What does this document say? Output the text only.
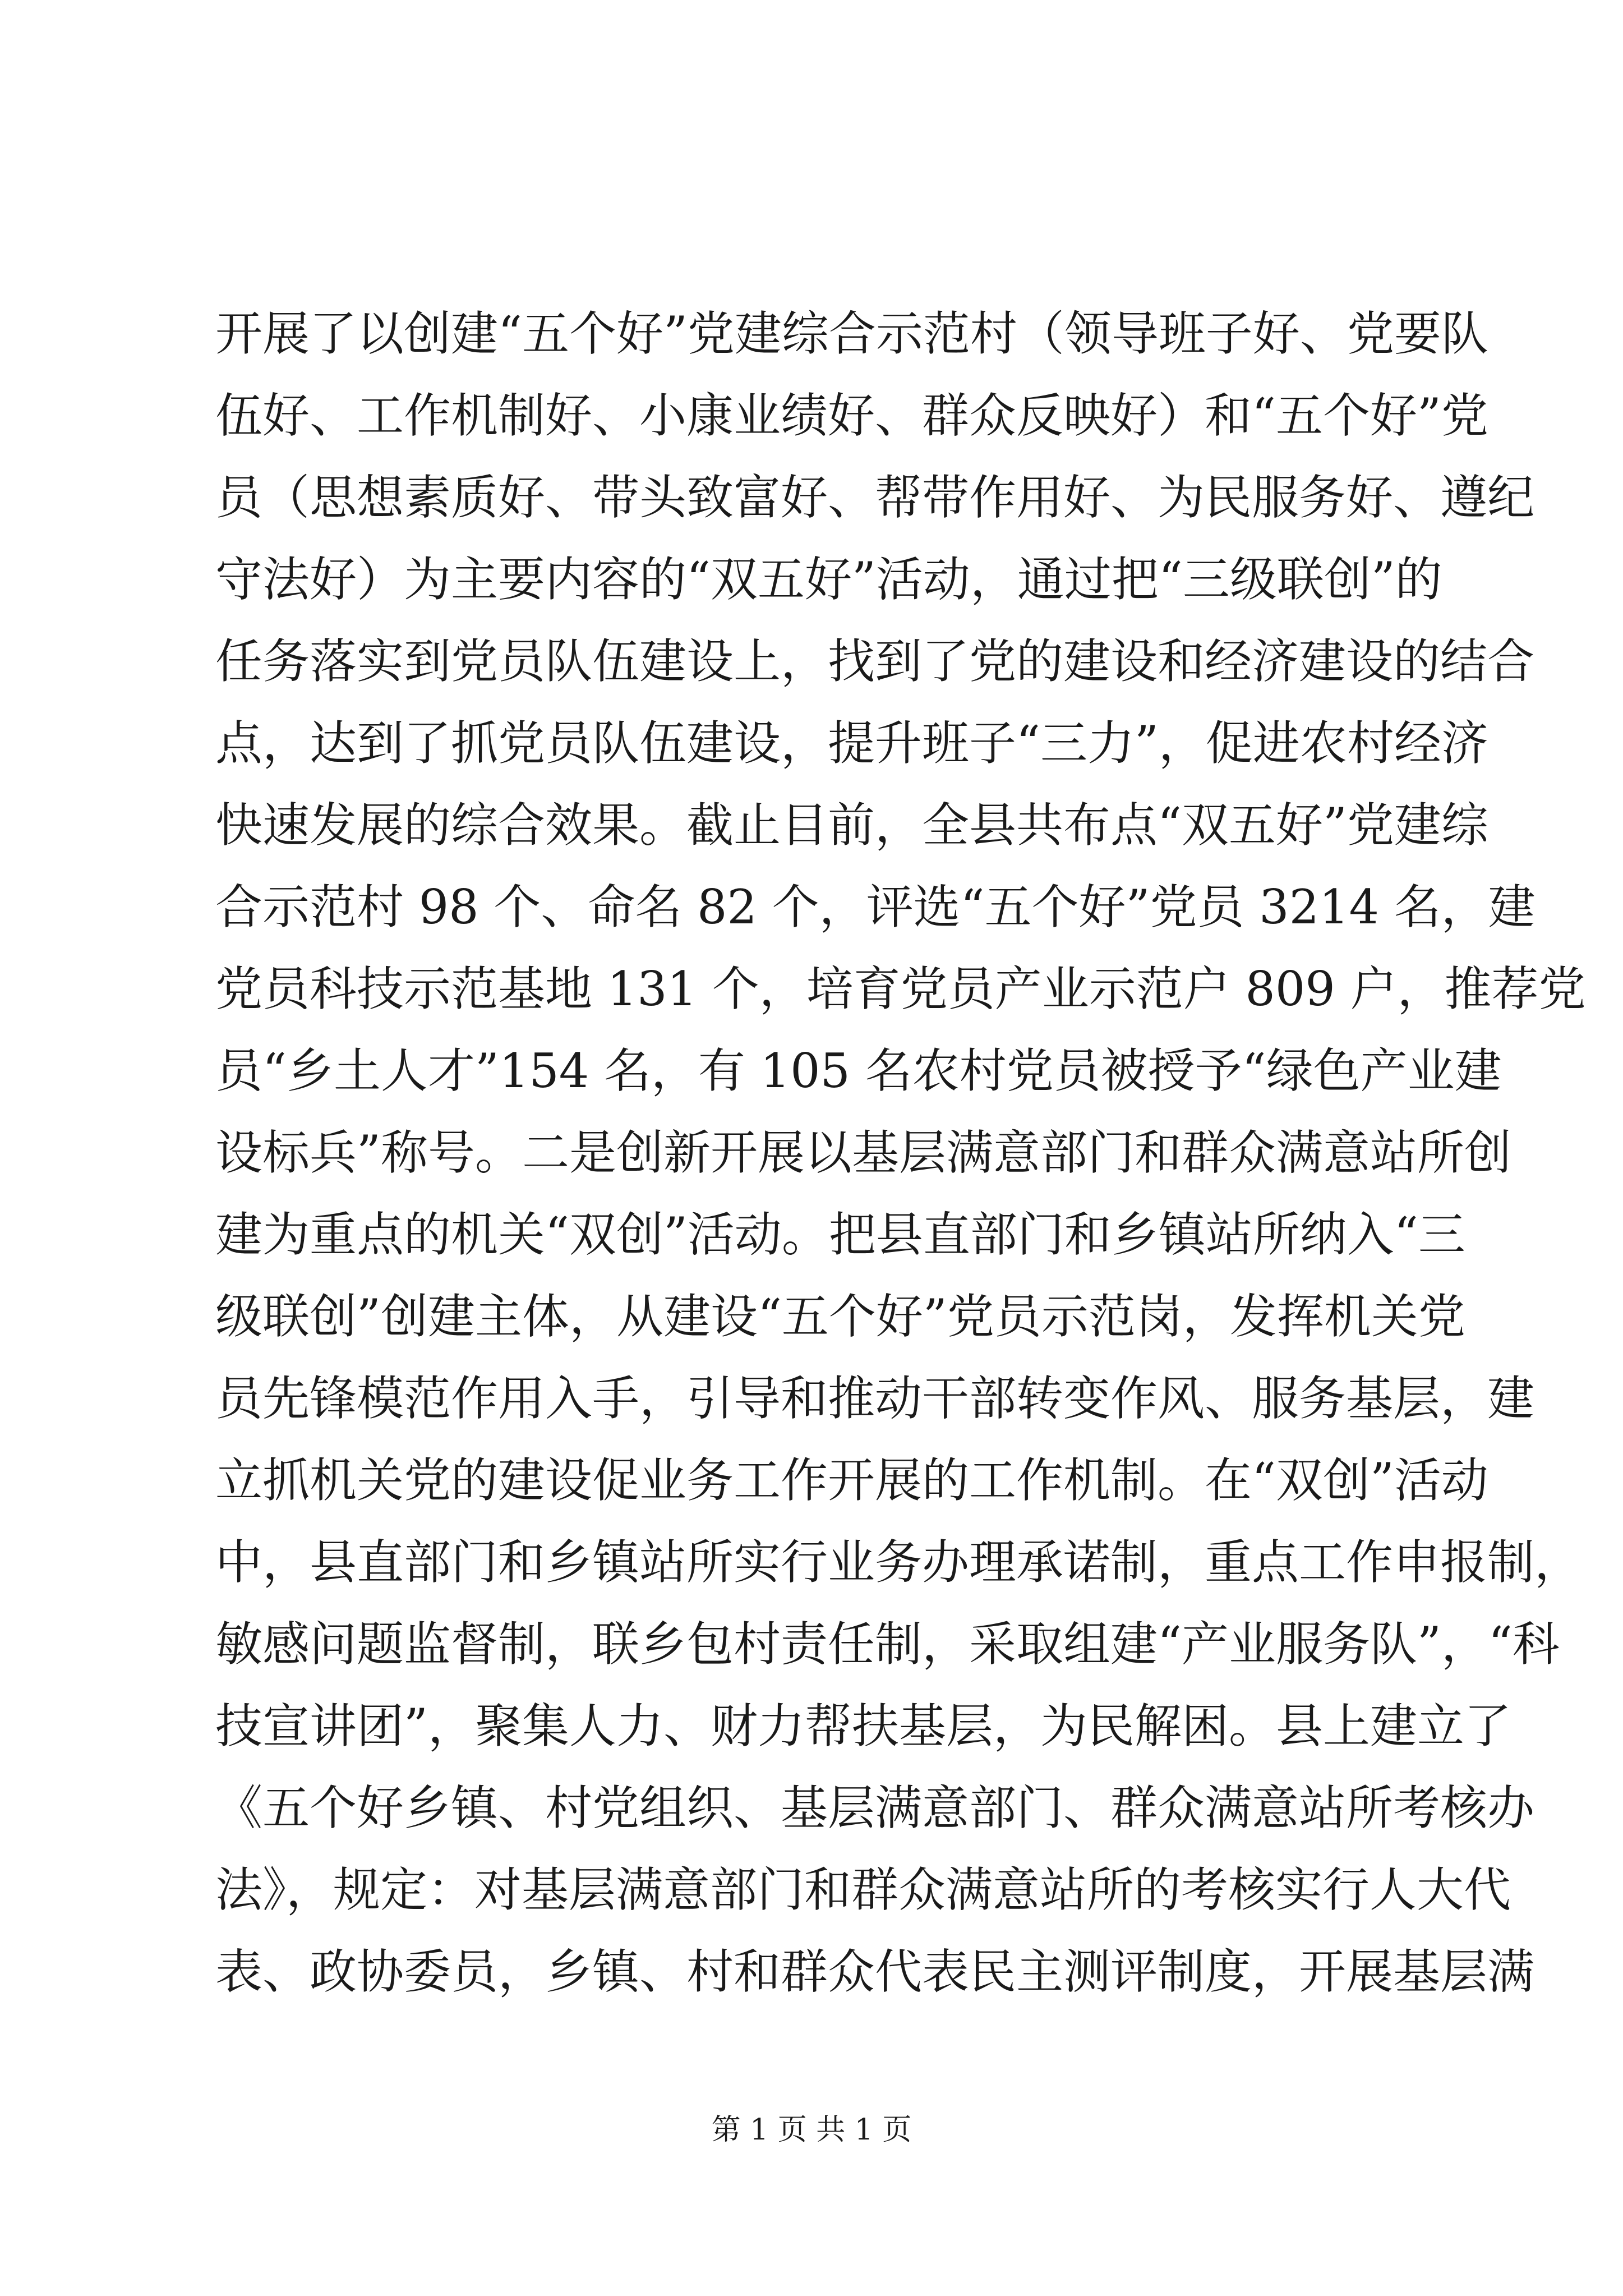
开展了以创建“五个好”党建综合示范村（领导班子好、党要队
伍好、工作机制好、小康业绩好、群众反映好）和“五个好”党
员（思想素质好、带头致富好、帮带作用好、为民服务好、遵纪
守法好）为主要内容的“双五好”活动，通过把“三级联创”的
任务落实到党员队伍建设上，找到了党的建设和经济建设的结合
点，达到了抓党员队伍建设，提升班子“三力”，促进农村经济
快速发展的综合效果。截止目前，全县共布点“双五好”党建综
合示范村 98 个、命名 82 个，评选“五个好”党员 3214 名，建
党员科技示范基地 131 个，培育党员产业示范户 809 户，推荐党
员“乡土人才”154 名，有 105 名农村党员被授予“绿色产业建
设标兵”称号。二是创新开展以基层满意部门和群众满意站所创
建为重点的机关“双创”活动。把县直部门和乡镇站所纳入“三
级联创”创建主体，从建设“五个好”党员示范岗，发挥机关党
员先锋模范作用入手，引导和推动干部转变作风、服务基层，建
立抓机关党的建设促业务工作开展的工作机制。在“双创”活动
中，县直部门和乡镇站所实行业务办理承诺制，重点工作申报制，
敏感问题监督制，联乡包村责任制，采取组建“产业服务队”，“科
技宣讲团”，聚集人力、财力帮扶基层，为民解困。县上建立了
《五个好乡镇、村党组织、基层满意部门、群众满意站所考核办
法》，规定：对基层满意部门和群众满意站所的考核实行人大代
表、政协委员，乡镇、村和群众代表民主测评制度，开展基层满
第 1 页 共 1 页
